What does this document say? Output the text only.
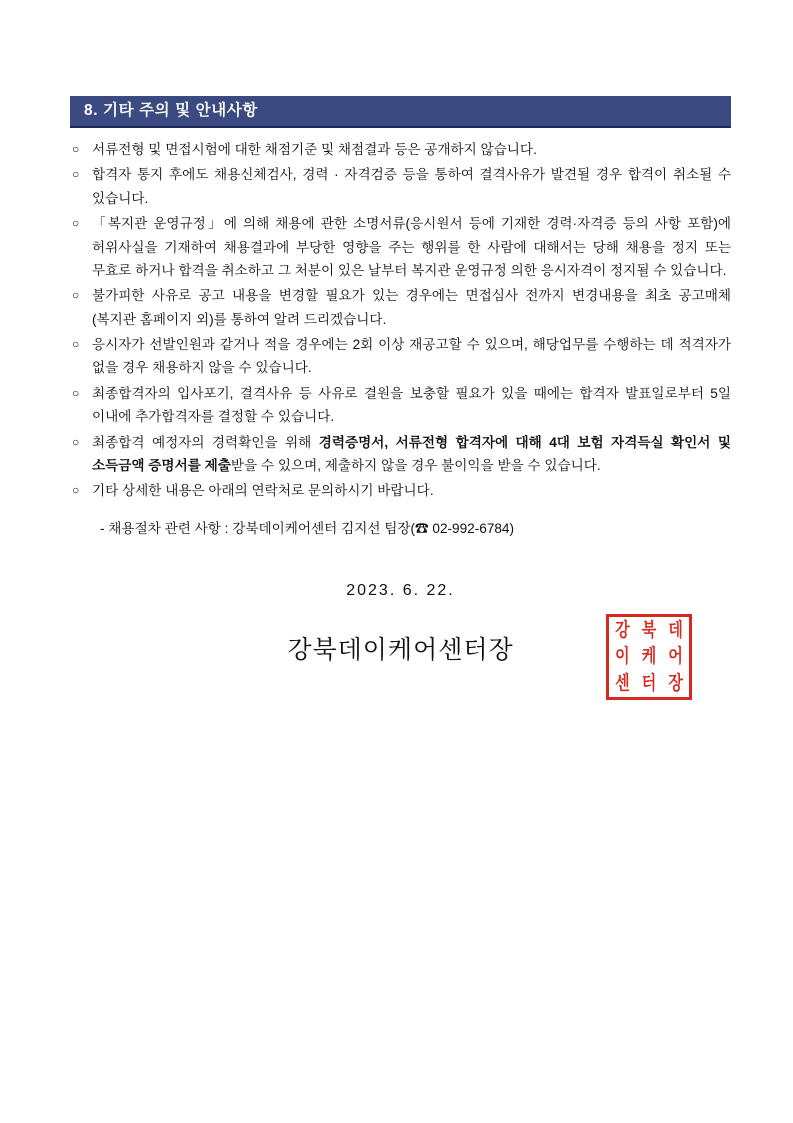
8. 기타 주의 및 안내사항
○ 서류전형 및 면접시험에 대한 채점기준 및 채점결과 등은 공개하지 않습니다.
○ 합격자 통지 후에도 채용신체검사, 경력 · 자격검증 등을 통하여 결격사유가 발견될 경우 합격이 취소될 수 있습니다.
○ 「복지관 운영규정」에 의해 채용에 관한 소명서류(응시원서 등에 기재한 경력·자격증 등의 사항 포함)에 허위사실을 기재하여 채용결과에 부당한 영향을 주는 행위를 한 사람에 대해서는 당해 채용을 정지 또는 무효로 하거나 합격을 취소하고 그 처분이 있은 날부터 복지관 운영규정 의한 응시자격이 정지될 수 있습니다.
○ 불가피한 사유로 공고 내용을 변경할 필요가 있는 경우에는 면접심사 전까지 변경내용을 최초 공고매체(복지관 홈페이지 외)를 통하여 알려 드리겠습니다.
○ 응시자가 선발인원과 같거나 적을 경우에는 2회 이상 재공고할 수 있으며, 해당업무를 수행하는 데 적격자가 없을 경우 채용하지 않을 수 있습니다.
○ 최종합격자의 입사포기, 결격사유 등 사유로 결원을 보충할 필요가 있을 때에는 합격자 발표일로부터 5일 이내에 추가합격자를 결정할 수 있습니다.
○ 최종합격 예정자의 경력확인을 위해 경력증명서, 서류전형 합격자에 대해 4대 보험 자격득실 확인서 및 소득금액 증명서를 제출받을 수 있으며, 제출하지 않을 경우 불이익을 받을 수 있습니다.
○ 기타 상세한 내용은 아래의 연락처로 문의하시기 바랍니다.
- 채용절차 관련 사항 : 강북데이케어센터 김지선 팀장(☎ 02-992-6784)
2023. 6. 22.
강북데이케어센터장
강 북 데
이 케 어
센 터 장
